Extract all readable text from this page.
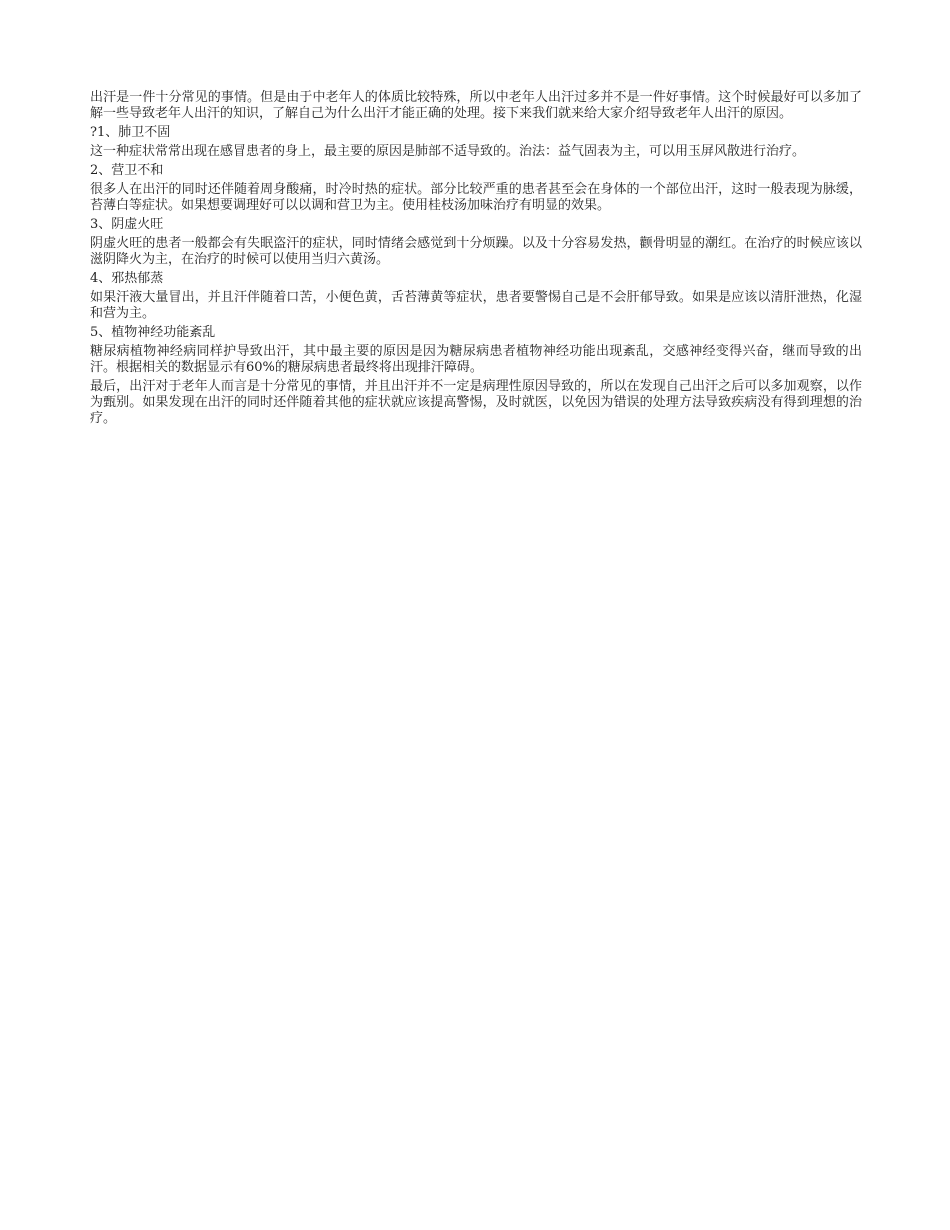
出汗是一件十分常见的事情。但是由于中老年人的体质比较特殊，所以中老年人出汗过多并不是一件好事情。这个时候最好可以多加了解一些导致老年人出汗的知识，了解自己为什么出汗才能正确的处理。接下来我们就来给大家介绍导致老年人出汗的原因。

?1、肺卫不固

这一种症状常常出现在感冒患者的身上，最主要的原因是肺部不适导致的。治法：益气固表为主，可以用玉屏风散进行治疗。

2、营卫不和

很多人在出汗的同时还伴随着周身酸痛，时冷时热的症状。部分比较严重的患者甚至会在身体的一个部位出汗，这时一般表现为脉缓，苔薄白等症状。如果想要调理好可以以调和营卫为主。使用桂枝汤加味治疗有明显的效果。

3、阴虚火旺

阴虚火旺的患者一般都会有失眠盗汗的症状，同时情绪会感觉到十分烦躁。以及十分容易发热，颧骨明显的潮红。在治疗的时候应该以滋阴降火为主，在治疗的时候可以使用当归六黄汤。

4、邪热郁蒸

如果汗液大量冒出，并且汗伴随着口苦，小便色黄，舌苔薄黄等症状，患者要警惕自己是不会肝郁导致。如果是应该以清肝泄热，化湿和营为主。

5、植物神经功能紊乱

糖尿病植物神经病同样护导致出汗，其中最主要的原因是因为糖尿病患者植物神经功能出现紊乱，交感神经变得兴奋，继而导致的出汗。根据相关的数据显示有60%的糖尿病患者最终将出现排汗障碍。

最后，出汗对于老年人而言是十分常见的事情，并且出汗并不一定是病理性原因导致的，所以在发现自己出汗之后可以多加观察，以作为甄别。如果发现在出汗的同时还伴随着其他的症状就应该提高警惕，及时就医，以免因为错误的处理方法导致疾病没有得到理想的治疗。
